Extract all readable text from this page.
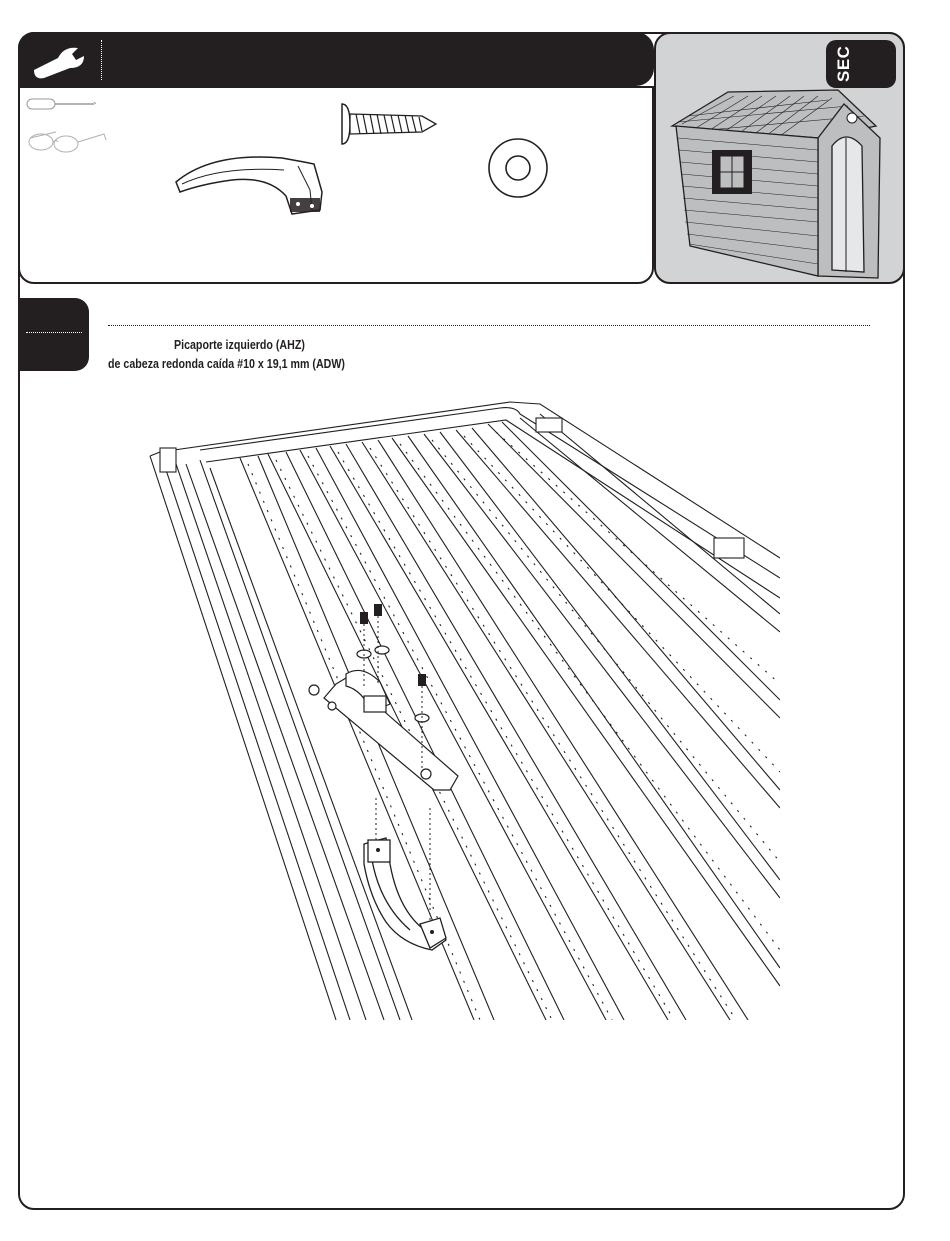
SEC
Picaporte izquierdo (AHZ)
de cabeza redonda caída #10 x 19,1 mm (ADW)
